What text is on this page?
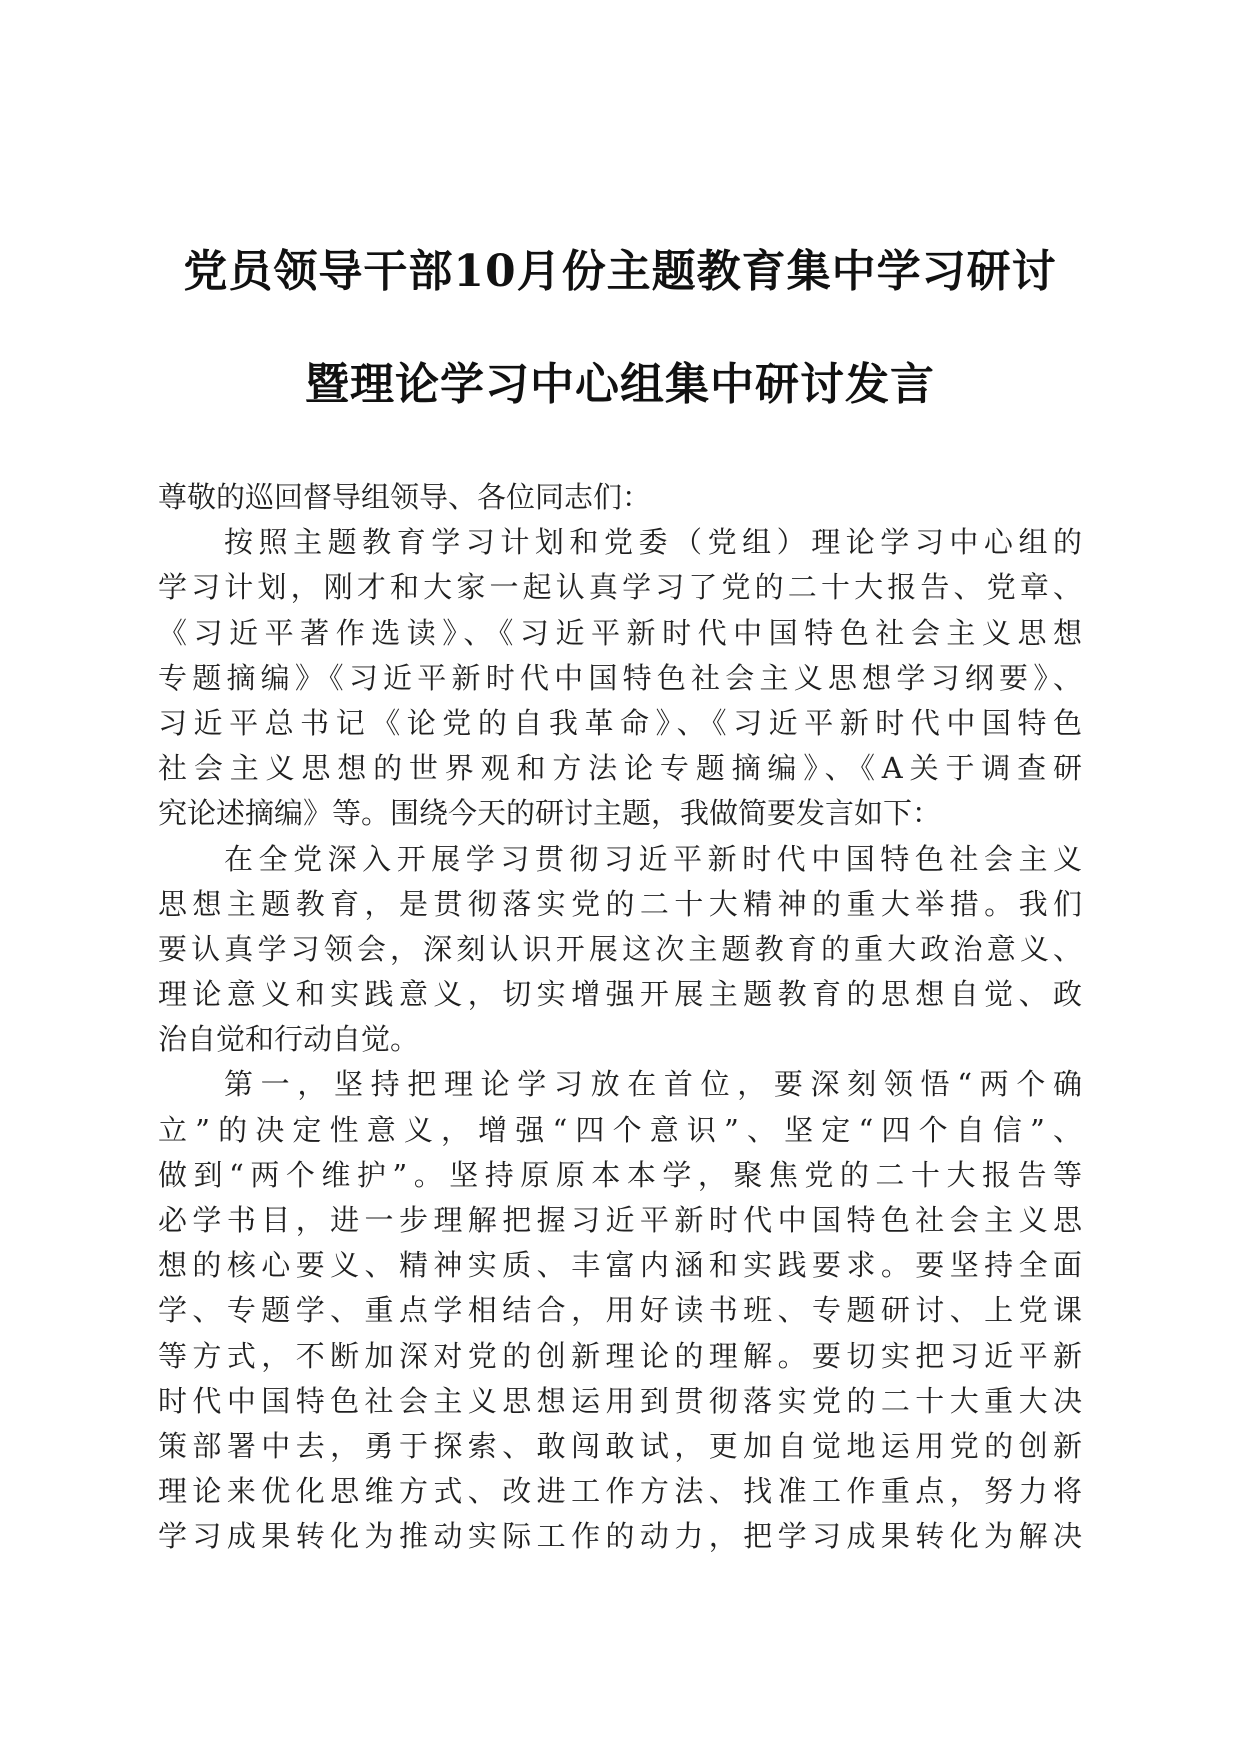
党员领导干部10月份主题教育集中学习研讨
暨理论学习中心组集中研讨发言
尊敬的巡回督导组领导、各位同志们：
按照主题教育学习计划和党委（党组）理论学习中心组的
学习计划，刚才和大家一起认真学习了党的二十大报告、党章、
《习近平著作选读》、《习近平新时代中国特色社会主义思想
专题摘编》《习近平新时代中国特色社会主义思想学习纲要》、
习近平总书记《论党的自我革命》、《习近平新时代中国特色
社会主义思想的世界观和方法论专题摘编》、《A关于调查研
究论述摘编》等。围绕今天的研讨主题，我做简要发言如下：
在全党深入开展学习贯彻习近平新时代中国特色社会主义
思想主题教育，是贯彻落实党的二十大精神的重大举措。我们
要认真学习领会，深刻认识开展这次主题教育的重大政治意义、
理论意义和实践意义，切实增强开展主题教育的思想自觉、政
治自觉和行动自觉。
第一，坚持把理论学习放在首位，要深刻领悟“两个确
立”的决定性意义，增强“四个意识”、坚定“四个自信”、
做到“两个维护”。坚持原原本本学，聚焦党的二十大报告等
必学书目，进一步理解把握习近平新时代中国特色社会主义思
想的核心要义、精神实质、丰富内涵和实践要求。要坚持全面
学、专题学、重点学相结合，用好读书班、专题研讨、上党课
等方式，不断加深对党的创新理论的理解。要切实把习近平新
时代中国特色社会主义思想运用到贯彻落实党的二十大重大决
策部署中去，勇于探索、敢闯敢试，更加自觉地运用党的创新
理论来优化思维方式、改进工作方法、找准工作重点，努力将
学习成果转化为推动实际工作的动力，把学习成果转化为解决
